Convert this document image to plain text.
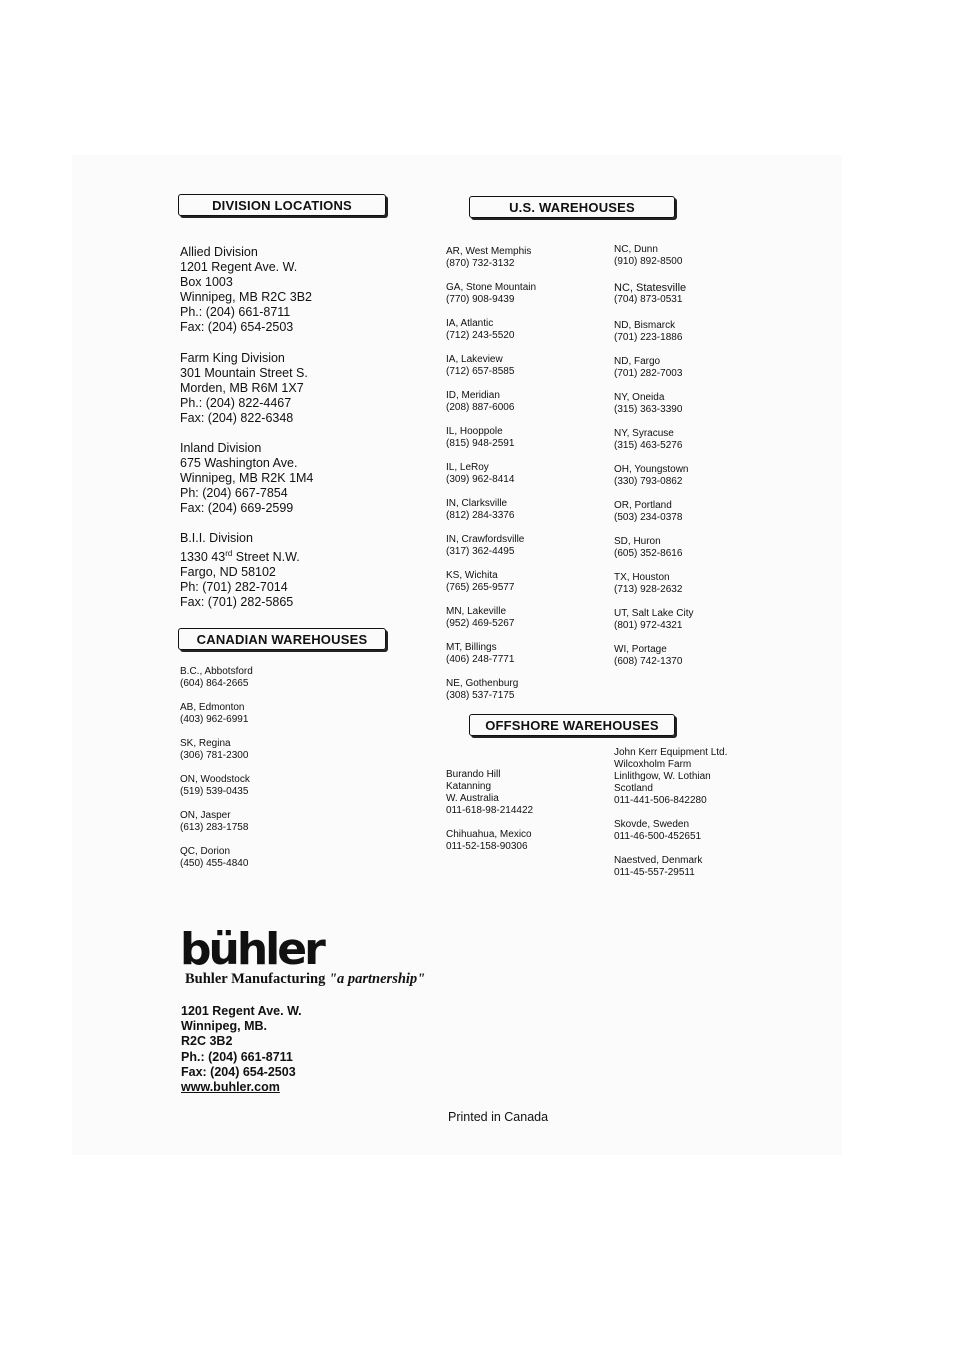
DIVISION LOCATIONS	U.S. WAREHOUSES
CANADIAN WAREHOUSES
OFFSHORE WAREHOUSES
Allied Division
1201 Regent Ave. W.
Box 1003
Winnipeg, MB R2C 3B2
Ph.: (204) 661-8711
Fax: (204) 654-2503
Farm King Division
301 Mountain Street S.
Morden, MB R6M 1X7
Ph.: (204) 822-4467
Fax: (204) 822-6348
Inland Division
675 Washington Ave.
Winnipeg, MB R2K 1M4
Ph: (204) 667-7854
Fax: (204) 669-2599
B.I.I. Division
1330 43rd Street N.W.
Fargo, ND 58102
Ph: (701) 282-7014
Fax: (701) 282-5865
AR, West Memphis
(870) 732-3132
GA, Stone Mountain
(770) 908-9439
IA, Atlantic
(712) 243-5520
IA, Lakeview
(712) 657-8585
ID, Meridian
(208) 887-6006
IL, Hooppole
(815) 948-2591
IL, LeRoy
(309) 962-8414
IN, Clarksville
(812) 284-3376
IN, Crawfordsville
(317) 362-4495
KS, Wichita
(765) 265-9577
MN, Lakeville
(952) 469-5267
MT, Billings
(406) 248-7771
NE, Gothenburg
(308) 537-7175
NC, Dunn
(910) 892-8500
NC, Statesville
(704) 873-0531
ND, Bismarck
(701) 223-1886
ND, Fargo
(701) 282-7003
NY, Oneida
(315) 363-3390
NY, Syracuse
(315) 463-5276
OH, Youngstown
(330) 793-0862
OR, Portland
(503) 234-0378
SD, Huron
(605) 352-8616
TX, Houston
(713) 928-2632
UT, Salt Lake City
(801) 972-4321
WI, Portage
(608) 742-1370
B.C., Abbotsford
(604) 864-2665
AB, Edmonton
(403) 962-6991
SK, Regina
(306) 781-2300
ON, Woodstock
(519) 539-0435
ON, Jasper
(613) 283-1758
QC, Dorion
(450) 455-4840
Burando Hill
Katanning
W. Australia
011-618-98-214422
Chihuahua, Mexico
011-52-158-90306
John Kerr Equipment Ltd.
Wilcoxholm Farm
Linlithgow, W. Lothian
Scotland
011-441-506-842280
Skovde, Sweden
011-46-500-452651
Naestved, Denmark
011-45-557-29511
bühler
Buhler Manufacturing "a partnership"
1201 Regent Ave. W.
Winnipeg, MB.
R2C 3B2
Ph.: (204) 661-8711
Fax: (204) 654-2503
www.buhler.com
Printed in Canada
